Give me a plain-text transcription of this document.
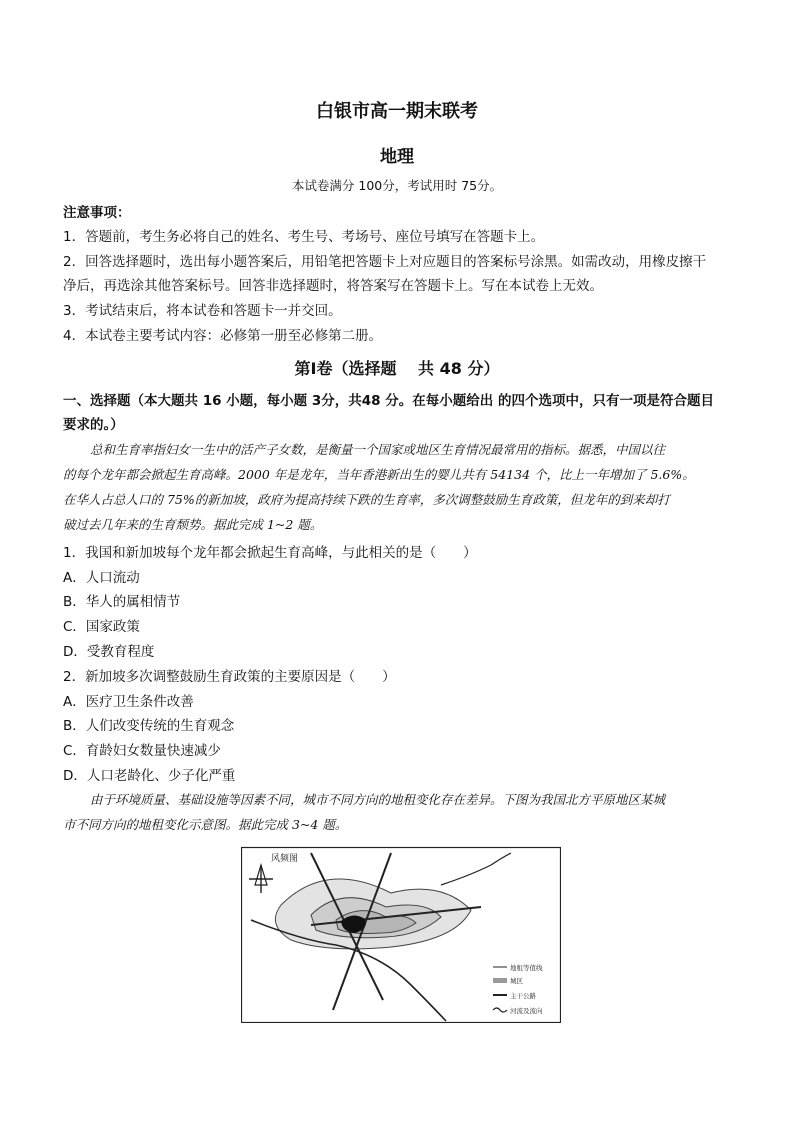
白银市高一期末联考
地理
本试卷满分 100分，考试用时 75分。
注意事项：
1．答题前，考生务必将自己的姓名、考生号、考场号、座位号填写在答题卡上。
2．回答选择题时，选出每小题答案后，用铅笔把答题卡上对应题目的答案标号涂黑。如需改动，用橡皮擦干
净后，再选涂其他答案标号。回答非选择题时，将答案写在答题卡上。写在本试卷上无效。
3．考试结束后，将本试卷和答题卡一并交回。
4．本试卷主要考试内容：必修第一册至必修第二册。
第Ⅰ卷（选择题　 共 48 分）
一、选择题（本大题共 16 小题，每小题 3分，共48 分。在每小题给出 的四个选项中，只有一项是符合题目
要求的。）
总和生育率指妇女一生中的活产子女数，是衡量一个国家或地区生育情况最常用的指标。据悉，中国以往
的每个龙年都会掀起生育高峰。2000 年是龙年，当年香港新出生的婴儿共有 54134 个，比上一年增加了 5.6%。
在华人占总人口的 75%的新加坡，政府为提高持续下跌的生育率，多次调整鼓励生育政策，但龙年的到来却打
破过去几年来的生育颓势。据此完成 1~2 题。
1．我国和新加坡每个龙年都会掀起生育高峰，与此相关的是（　　）
A．人口流动
B．华人的属相情节
C．国家政策
D．受教育程度
2．新加坡多次调整鼓励生育政策的主要原因是（　　）
A．医疗卫生条件改善
B．人们改变传统的生育观念
C．育龄妇女数量快速减少
D．人口老龄化、少子化严重
由于环境质量、基础设施等因素不同，城市不同方向的地租变化存在差异。下图为我国北方平原地区某城
市不同方向的地租变化示意图。据此完成 3~4 题。
风频图
地租等值线
城区
主干公路
河流及流向
